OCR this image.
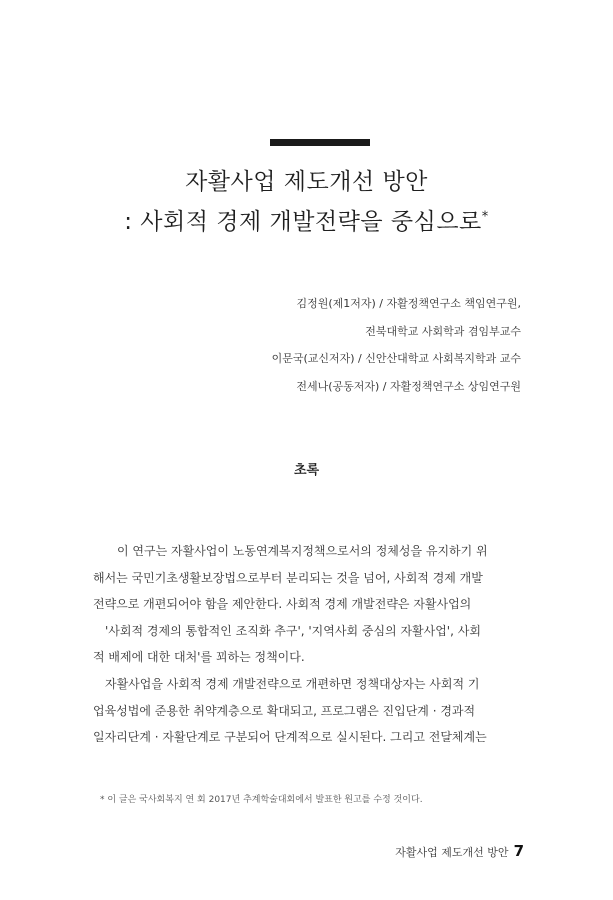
자활사업 제도개선 방안
: 사회적 경제 개발전략을 중심으로*
김정원(제1저자) / 자활정책연구소 책임연구원,
전북대학교 사회학과 겸임부교수
이문국(교신저자) / 신안산대학교 사회복지학과 교수
전세나(공동저자) / 자활정책연구소 상임연구원
초록
이 연구는 자활사업이 노동연계복지정책으로서의 정체성을 유지하기 위
해서는 국민기초생활보장법으로부터 분리되는 것을 넘어, 사회적 경제 개발
전략으로 개편되어야 함을 제안한다. 사회적 경제 개발전략은 자활사업의
'사회적 경제의 통합적인 조직화 추구', '지역사회 중심의 자활사업', 사회
적 배제에 대한 대처'를 꾀하는 정책이다.
자활사업을 사회적 경제 개발전략으로 개편하면 정책대상자는 사회적 기
업육성법에 준용한 취약계층으로 확대되고, 프로그램은 진입단계 · 경과적
일자리단계 · 자활단계로 구분되어 단계적으로 실시된다. 그리고 전달체계는
* 이 글은 국사회복지 연 회 2017년 추계학술대회에서 발표한 원고를 수정 것이다.
자활사업 제도개선 방안 7
